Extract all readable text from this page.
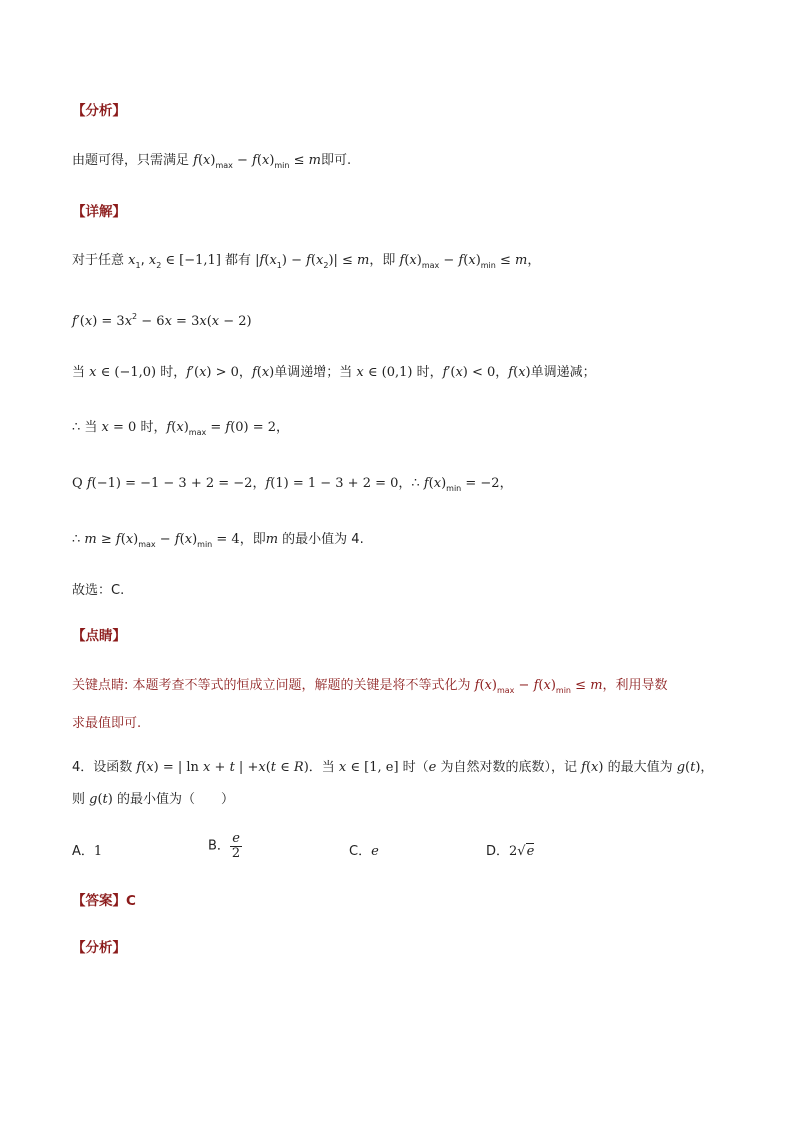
【分析】
由题可得，只需满足 $f(x)_{max} - f(x)_{min} \le m$即可.
【详解】
对于任意 $x_1$, $x_2$ ∈ [−1,1] 都有 $|f(x_1) - f(x_2)| \le m$，即 $f(x)_{max} - f(x)_{min} \le m$，
$f'(x) = 3x^2 - 6x = 3x(x - 2)$
当 x ∈ (−1,0) 时，f′(x) > 0，f(x)单调递增；当 x ∈ (0,1) 时，f′(x) < 0，f(x)单调递减；
∴ 当 x = 0 时，$f(x)_{max} = f(0) = 2$，
Q f(−1) = −1 − 3 + 2 = −2，f(1) = 1 − 3 + 2 = 0，∴ $f(x)_{min} = -2$，
∴ $m \ge f(x)_{max} - f(x)_{min} = 4$，即m 的最小值为 4.
故选：C.
【点睛】
关键点睛: 本题考查不等式的恒成立问题，解题的关键是将不等式化为 $f(x)_{max} - f(x)_{min} \le m$，利用导数
求最值即可.
4．设函数 f(x) = | ln x + t | +x(t ∈ R)．当 x ∈ [1, e] 时（e 为自然对数的底数），记 f(x) 的最大值为 g(t)，
则 g(t) 的最小值为（　　）
A．1	B． $\frac{e}{2}$	C．e	D．2√e
【答案】C
【分析】
